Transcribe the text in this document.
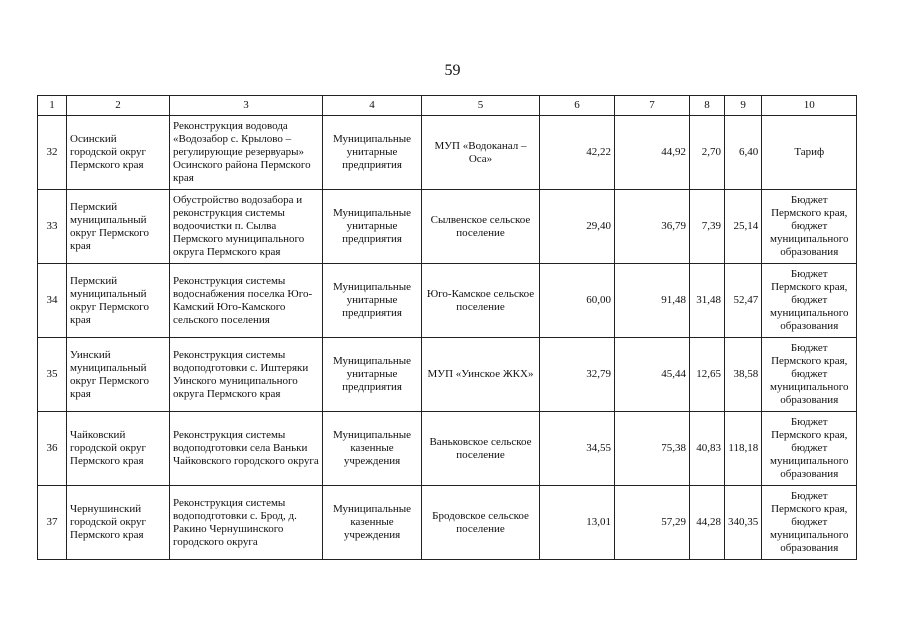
59
1	2	3	4	5	6	7	8	9	10
32	Осинский городской округ Пермского края	Реконструкция водовода «Водозабор с. Крылово – регулирующие резервуары» Осинского района Пермского края	Муниципальные унитарные предприятия	МУП «Водоканал – Оса»	42,22	44,92	2,70	6,40	Тариф
33	Пермский муниципальный округ Пермского края	Обустройство водозабора и реконструкция системы водоочистки п. Сылва Пермского муниципального округа Пермского края	Муниципальные унитарные предприятия	Сылвенское сельское поселение	29,40	36,79	7,39	25,14	Бюджет Пермского края, бюджет муниципального образования
34	Пермский муниципальный округ Пермского края	Реконструкция системы водоснабжения поселка Юго-Камский Юго-Камского сельского поселения	Муниципальные унитарные предприятия	Юго-Камское сельское поселение	60,00	91,48	31,48	52,47	Бюджет Пермского края, бюджет муниципального образования
35	Уинский муниципальный округ Пермского края	Реконструкция системы водоподготовки с. Иштеряки Уинского муниципального округа Пермского края	Муниципальные унитарные предприятия	МУП «Уинское ЖКХ»	32,79	45,44	12,65	38,58	Бюджет Пермского края, бюджет муниципального образования
36	Чайковский городской округ Пермского края	Реконструкция системы водоподготовки села Ваньки Чайковского городского округа	Муниципальные казенные учреждения	Ваньковское сельское поселение	34,55	75,38	40,83	118,18	Бюджет Пермского края, бюджет муниципального образования
37	Чернушинский городской округ Пермского края	Реконструкция системы водоподготовки с. Брод, д. Ракино Чернушинского городского округа	Муниципальные казенные учреждения	Бродовское сельское поселение	13,01	57,29	44,28	340,35	Бюджет Пермского края, бюджет муниципального образования
